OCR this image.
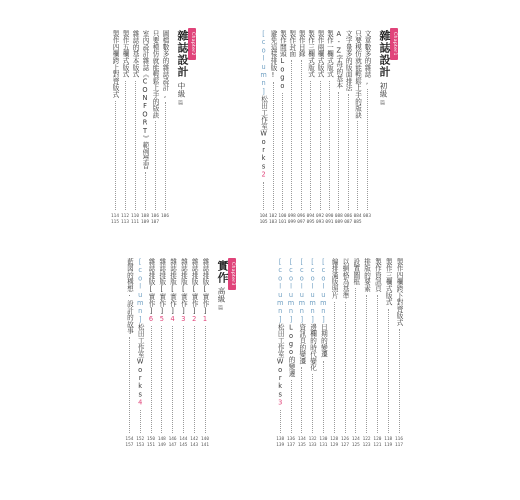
Chapter1
雜誌設計
初級
篇
Chapter2
雜誌設計
中級
篇
Chapter3
實作
高級
篇
文章數多的雜誌,
083
只要模仿就能輕鬆上手的版訣
084
085
文字量多的版面排法
086
087
A-Z字母的基本
088
089
製作一欄式版式
090
091
製作兩欄式版式
092
093
製作三欄式版式
094
095
製作目錄
096
097
製作封面
098
099
製作開頭Logo
100
101
避免這樣排版!
102
103
[column]松田工作室Works2
104
105
圖檔數多的雜誌設計,
106
只要模仿就能輕鬆上手的版訣
106
107
室內設計雜誌《CONFORT》範例學習
108
109
雜誌的基本版式
110
111
製作五欄式版式
112
113
製作四欄跨上對齊版式
114
115
製作四欄跨下對齊版式
116
117
製作三欄式版式
118
119
製作資訊頁
120
121
排版的要素
122
123
設置圖框
124
125
以網格為基準
126
127
編排滿版照片
128
129
[column]日期的變遷
130
131
[column]邊欄的時代變化
132
133
[column]資訊頁的變遷
134
135
[column]Logo的變遷
136
137
[column]松田工作室Works3
138
139
雜誌排版[實作]1
140
141
雜誌排版[實作]2
142
143
雜誌排版[實作]3
144
145
雜誌排版[實作]4
146
147
雜誌排版[實作]5
148
149
雜誌排版[實作]6
150
151
[column]松田工作室Works4
152
153
藍図的構想·設計的故事
154
157
